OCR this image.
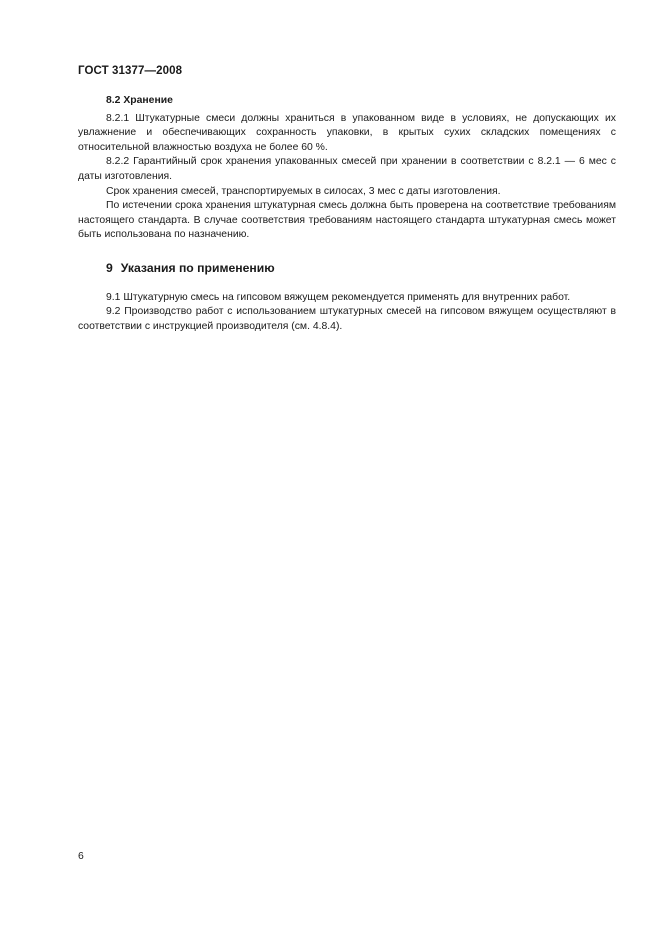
ГОСТ 31377—2008
8.2 Хранение

8.2.1 Штукатурные смеси должны храниться в упакованном виде в условиях, не допускающих их увлажнение и обеспечивающих сохранность упаковки, в крытых сухих складских помещениях с относительной влажностью воздуха не более 60 %.

8.2.2 Гарантийный срок хранения упакованных смесей при хранении в соответствии с 8.2.1 — 6 мес с даты изготовления.

Срок хранения смесей, транспортируемых в силосах, 3 мес с даты изготовления.

По истечении срока хранения штукатурная смесь должна быть проверена на соответствие требованиям настоящего стандарта. В случае соответствия требованиям настоящего стандарта штукатурная смесь может быть использована по назначению.

9 Указания по применению

9.1 Штукатурную смесь на гипсовом вяжущем рекомендуется применять для внутренних работ.

9.2 Производство работ с использованием штукатурных смесей на гипсовом вяжущем осуществляют в соответствии с инструкцией производителя (см. 4.8.4).

6
